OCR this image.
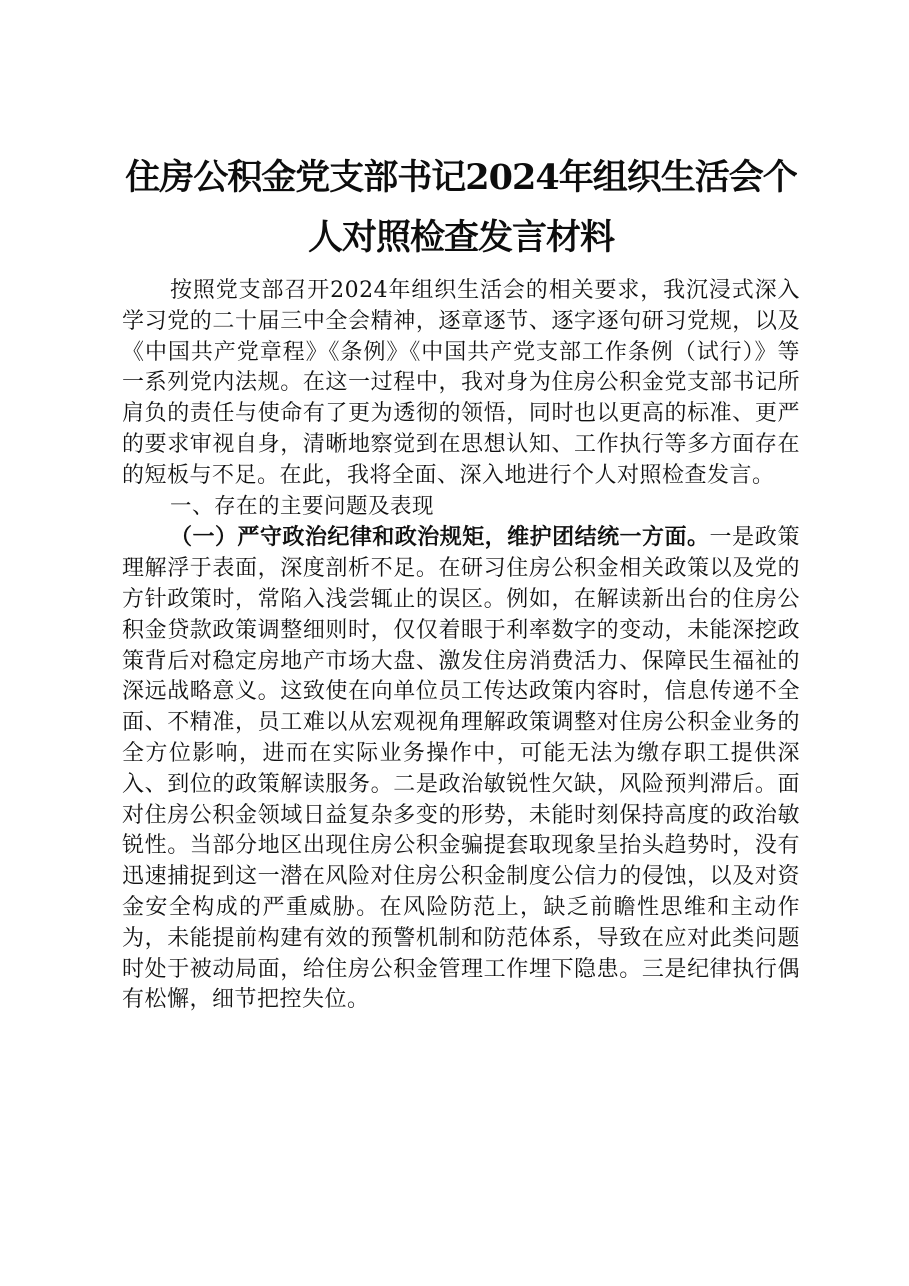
住房公积金党支部书记2024年组织生活会个
人对照检查发言材料

按照党支部召开2024年组织生活会的相关要求，我沉浸式深入学习党的二十届三中全会精神，逐章逐节、逐字逐句研习党规，以及《中国共产党章程》《条例》《中国共产党支部工作条例（试行）》等一系列党内法规。在这一过程中，我对身为住房公积金党支部书记所肩负的责任与使命有了更为透彻的领悟，同时也以更高的标准、更严的要求审视自身，清晰地察觉到在思想认知、工作执行等多方面存在的短板与不足。在此，我将全面、深入地进行个人对照检查发言。

一、存在的主要问题及表现

（一）严守政治纪律和政治规矩，维护团结统一方面。一是政策理解浮于表面，深度剖析不足。在研习住房公积金相关政策以及党的方针政策时，常陷入浅尝辄止的误区。例如，在解读新出台的住房公积金贷款政策调整细则时，仅仅着眼于利率数字的变动，未能深挖政策背后对稳定房地产市场大盘、激发住房消费活力、保障民生福祉的深远战略意义。这致使在向单位员工传达政策内容时，信息传递不全面、不精准，员工难以从宏观视角理解政策调整对住房公积金业务的全方位影响，进而在实际业务操作中，可能无法为缴存职工提供深入、到位的政策解读服务。二是政治敏锐性欠缺，风险预判滞后。面对住房公积金领域日益复杂多变的形势，未能时刻保持高度的政治敏锐性。当部分地区出现住房公积金骗提套取现象呈抬头趋势时，没有迅速捕捉到这一潜在风险对住房公积金制度公信力的侵蚀，以及对资金安全构成的严重威胁。在风险防范上，缺乏前瞻性思维和主动作为，未能提前构建有效的预警机制和防范体系，导致在应对此类问题时处于被动局面，给住房公积金管理工作埋下隐患。三是纪律执行偶有松懈，细节把控失位。
